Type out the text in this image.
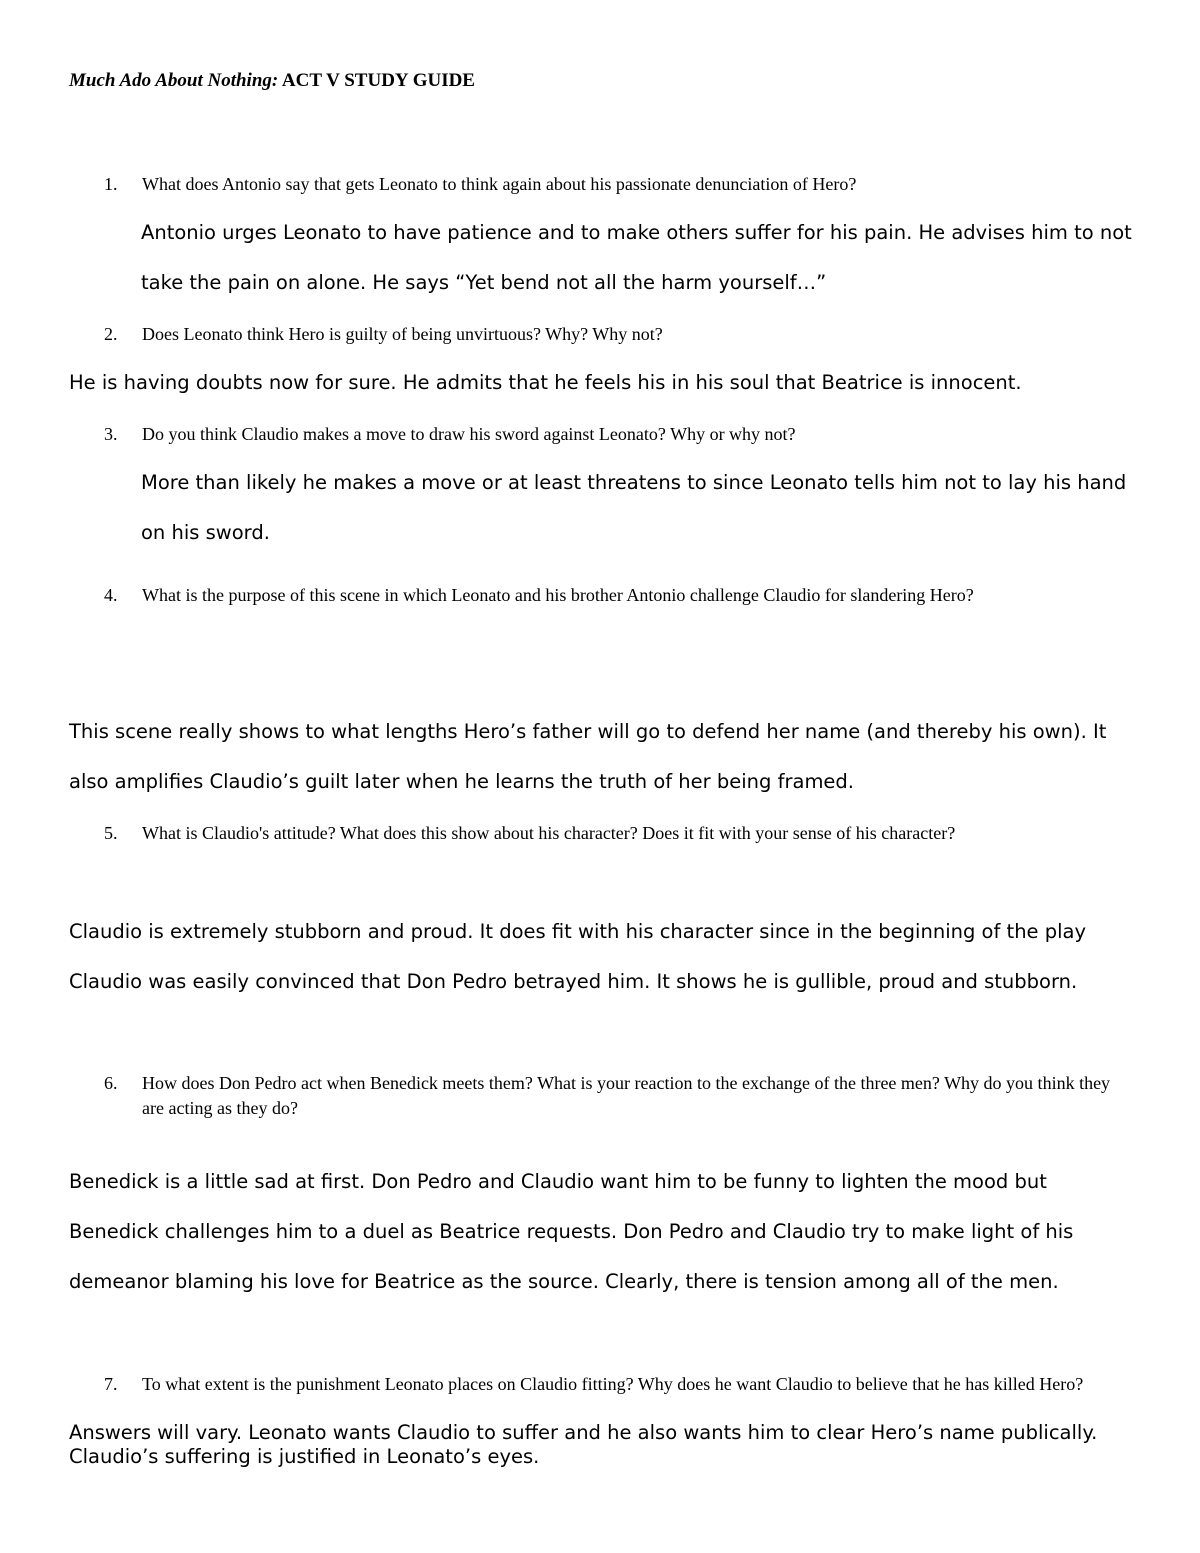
Much Ado About Nothing: ACT V STUDY GUIDE

1. What does Antonio say that gets Leonato to think again about his passionate denunciation of Hero?

Antonio urges Leonato to have patience and to make others suffer for his pain. He advises him to not take the pain on alone. He says “Yet bend not all the harm yourself…”

2. Does Leonato think Hero is guilty of being unvirtuous? Why? Why not?

He is having doubts now for sure. He admits that he feels his in his soul that Beatrice is innocent.

3. Do you think Claudio makes a move to draw his sword against Leonato? Why or why not?

More than likely he makes a move or at least threatens to since Leonato tells him not to lay his hand on his sword.

4. What is the purpose of this scene in which Leonato and his brother Antonio challenge Claudio for slandering Hero?

This scene really shows to what lengths Hero’s father will go to defend her name (and thereby his own). It also amplifies Claudio’s guilt later when he learns the truth of her being framed.

5. What is Claudio's attitude? What does this show about his character? Does it fit with your sense of his character?

Claudio is extremely stubborn and proud. It does fit with his character since in the beginning of the play Claudio was easily convinced that Don Pedro betrayed him. It shows he is gullible, proud and stubborn.

6. How does Don Pedro act when Benedick meets them? What is your reaction to the exchange of the three men? Why do you think they are acting as they do?

Benedick is a little sad at first. Don Pedro and Claudio want him to be funny to lighten the mood but Benedick challenges him to a duel as Beatrice requests. Don Pedro and Claudio try to make light of his demeanor blaming his love for Beatrice as the source. Clearly, there is tension among all of the men.

7. To what extent is the punishment Leonato places on Claudio fitting? Why does he want Claudio to believe that he has killed Hero?

Answers will vary. Leonato wants Claudio to suffer and he also wants him to clear Hero’s name publically. Claudio’s suffering is justified in Leonato’s eyes.
